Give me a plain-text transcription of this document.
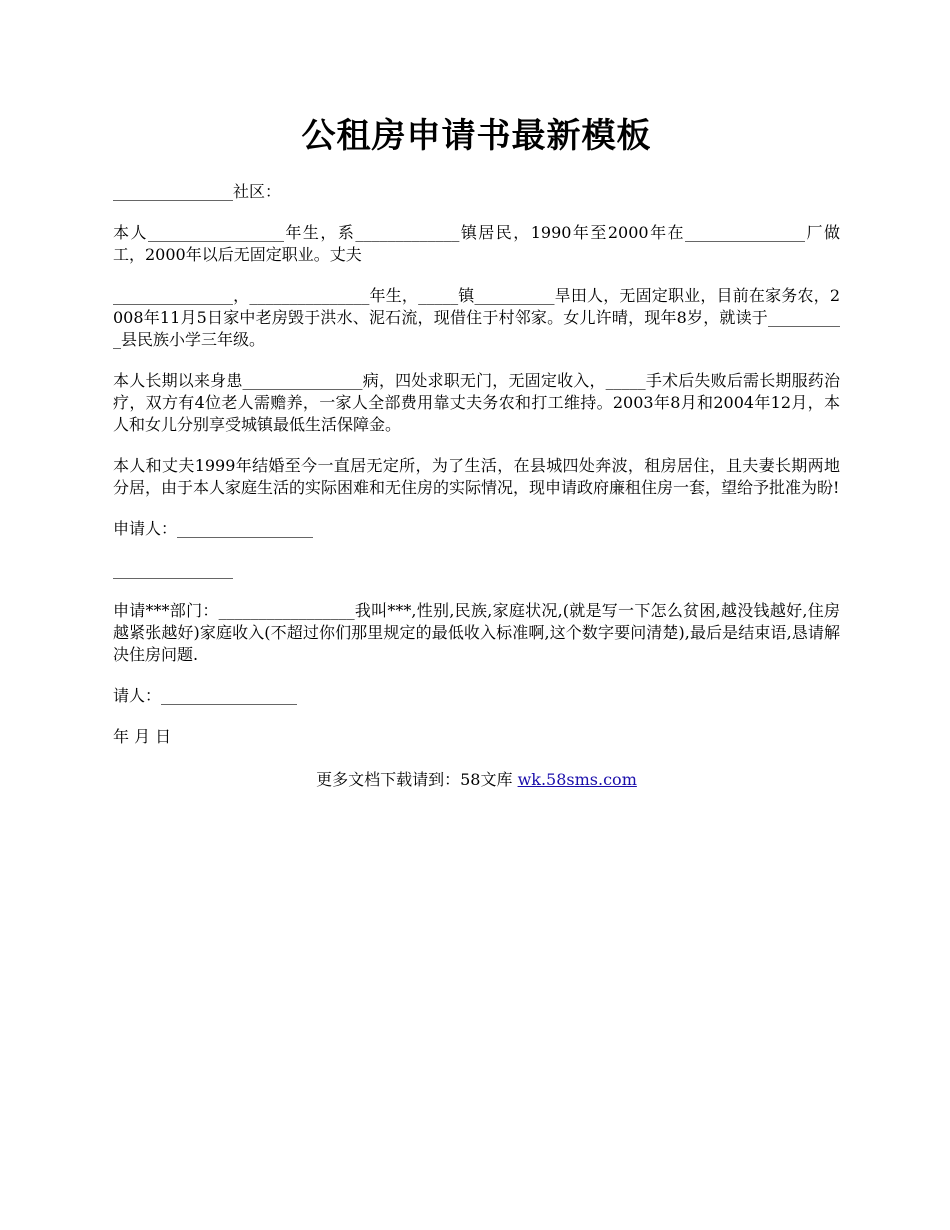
公租房申请书最新模板

_______________社区：

本人_________________年生，系_____________镇居民，1990年至2000年在_______________厂做工，2000年以后无固定职业。丈夫

_______________，_______________年生，_____镇__________旱田人，无固定职业，目前在家务农，2008年11月5日家中老房毁于洪水、泥石流，现借住于村邻家。女儿许晴，现年8岁，就读于__________县民族小学三年级。

本人长期以来身患_______________病，四处求职无门，无固定收入，_____手术后失败后需长期服药治疗，双方有4位老人需赡养，一家人全部费用靠丈夫务农和打工维持。2003年8月和2004年12月，本人和女儿分别享受城镇最低生活保障金。

本人和丈夫1999年结婚至今一直居无定所，为了生活，在县城四处奔波，租房居住，且夫妻长期两地分居，由于本人家庭生活的实际困难和无住房的实际情况，现申请政府廉租住房一套，望给予批准为盼!

申请人：_________________

_______________

申请***部门：_________________我叫***,性别,民族,家庭状况,(就是写一下怎么贫困,越没钱越好,住房越紧张越好)家庭收入(不超过你们那里规定的最低收入标准啊,这个数字要问清楚),最后是结束语,恳请解决住房问题.

请人：_________________

年 月 日

更多文档下载请到：58文库 wk.58sms.com
